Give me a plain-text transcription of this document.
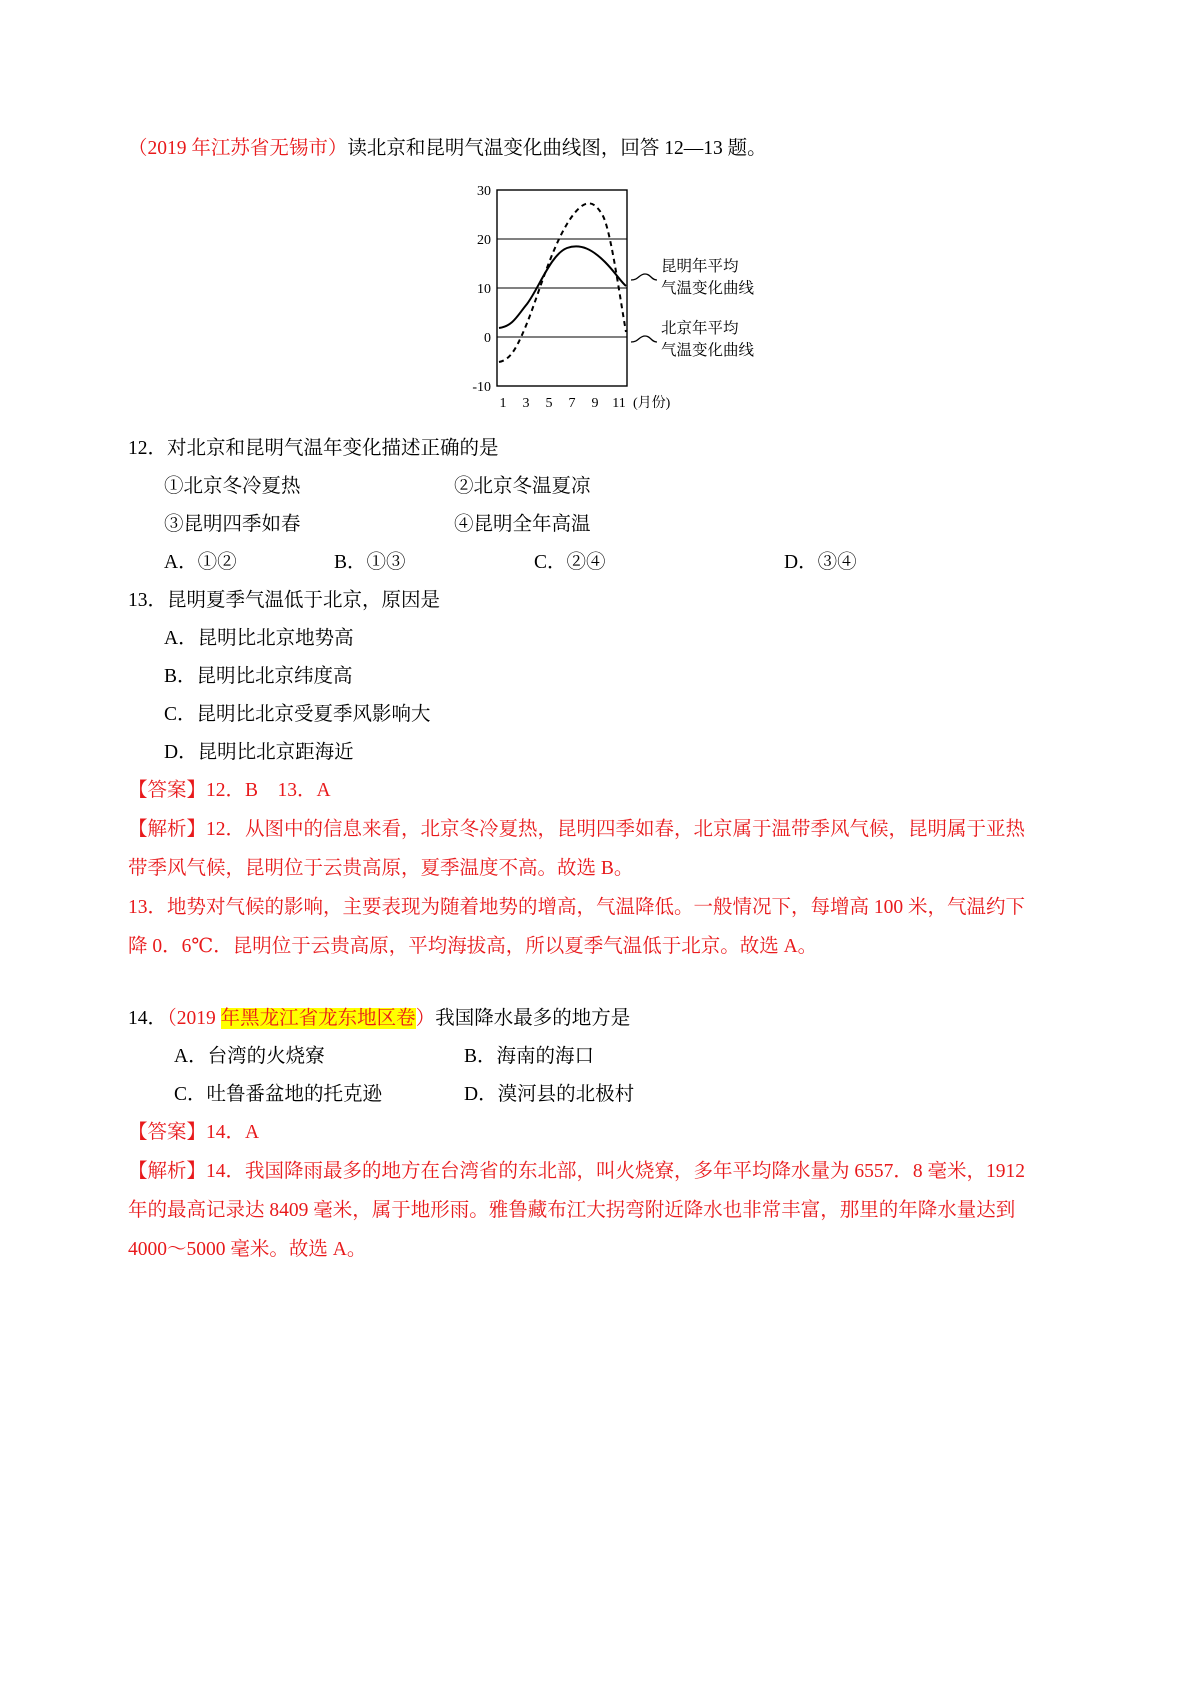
（2019 年江苏省无锡市）读北京和昆明气温变化曲线图，回答 12—13 题。
30
20
10
0
-10
1 3 5 7 9 11 (月份)
昆明年平均
气温变化曲线
北京年平均
气温变化曲线
12．对北京和昆明气温年变化描述正确的是
①北京冬冷夏热	②北京冬温夏凉
③昆明四季如春	④昆明全年高温
A．①②	B．①③	C．②④	D．③④
13．昆明夏季气温低于北京，原因是
A．昆明比北京地势高
B．昆明比北京纬度高
C．昆明比北京受夏季风影响大
D．昆明比北京距海近
【答案】12．B　13．A
【解析】12．从图中的信息来看，北京冬冷夏热，昆明四季如春，北京属于温带季风气候，昆明属于亚热
带季风气候，昆明位于云贵高原，夏季温度不高。故选 B。
13．地势对气候的影响，主要表现为随着地势的增高，气温降低。一般情况下，每增高 100 米，气温约下
降 0．6℃．昆明位于云贵高原，平均海拔高，所以夏季气温低于北京。故选 A。
14．（2019 年黑龙江省龙东地区卷）我国降水最多的地方是
A．台湾的火烧寮	B．海南的海口
C．吐鲁番盆地的托克逊	D．漠河县的北极村
【答案】14．A
【解析】14．我国降雨最多的地方在台湾省的东北部，叫火烧寮，多年平均降水量为 6557．8 毫米，1912
年的最高记录达 8409 毫米，属于地形雨。雅鲁藏布江大拐弯附近降水也非常丰富，那里的年降水量达到
4000～5000 毫米。故选 A。
